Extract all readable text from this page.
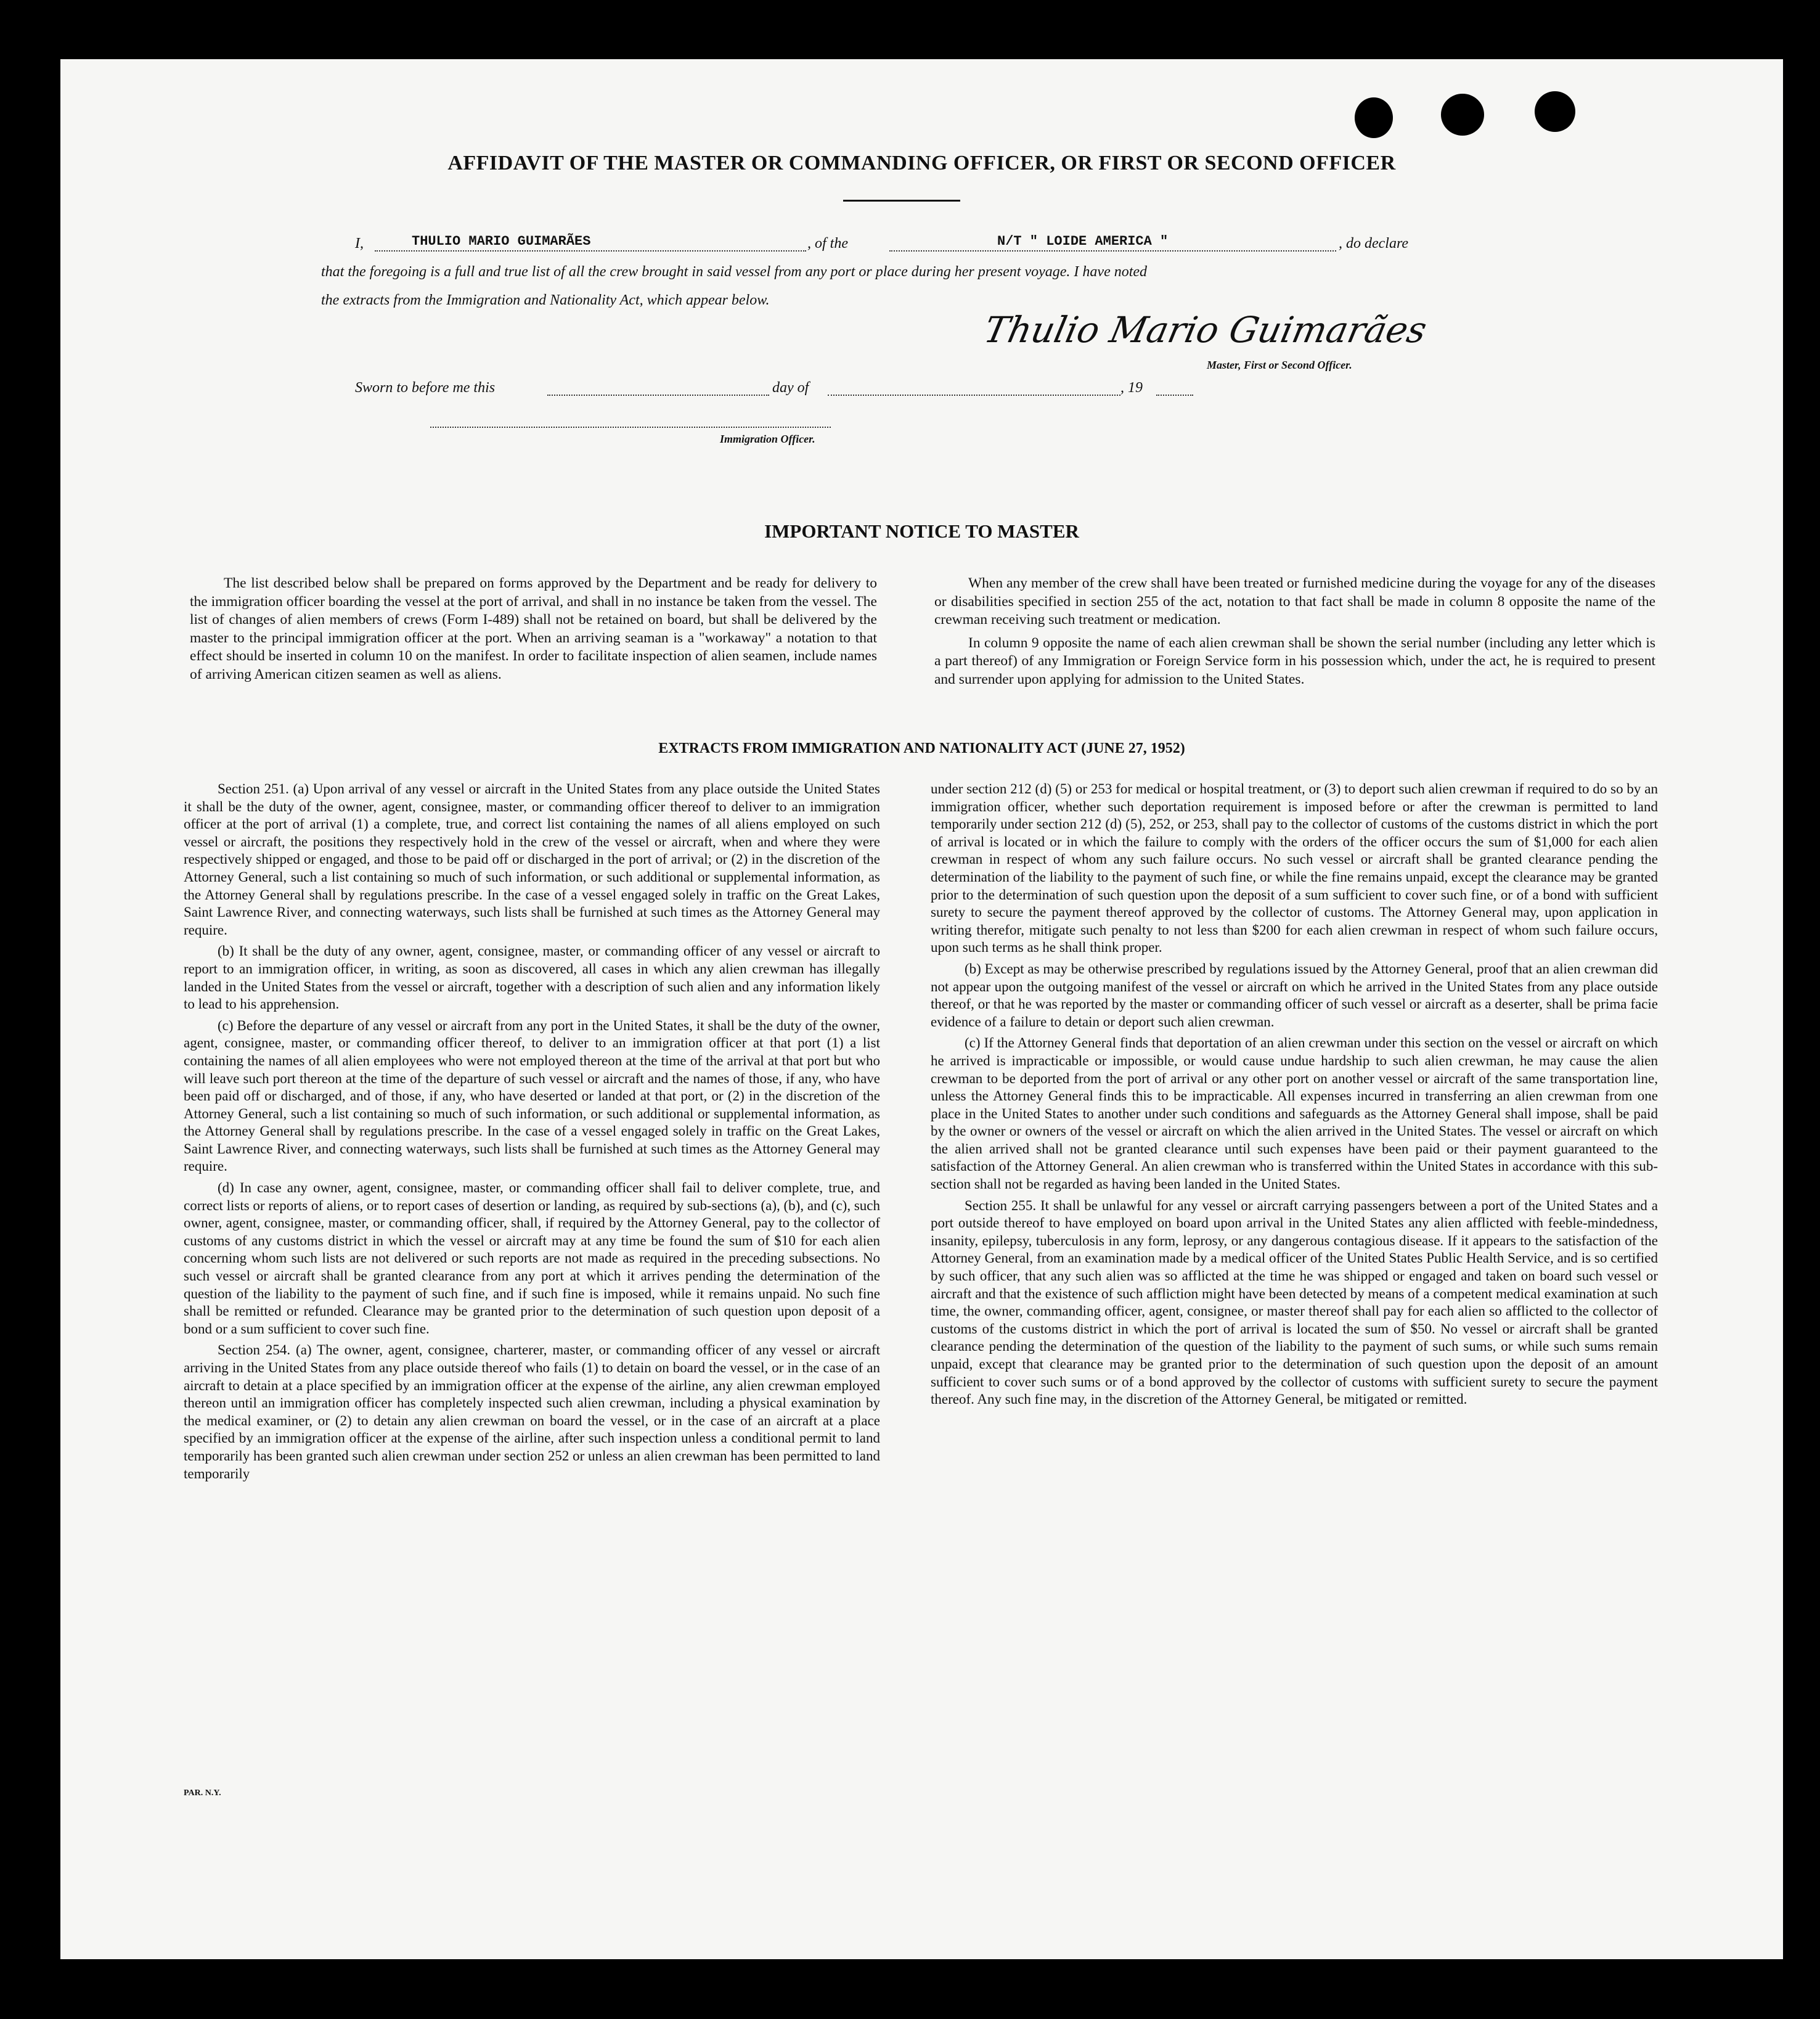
AFFIDAVIT OF THE MASTER OR COMMANDING OFFICER, OR FIRST OR SECOND OFFICER
I,	THULIO MARIO GUIMARÃES	, of the	N/T " LOIDE AMERICA "	, do declare
that the foregoing is a full and true list of all the crew brought in said vessel from any port or place during her present voyage. I have noted
the extracts from the Immigration and Nationality Act, which appear below.
Thulio Mario Guimarães
Master, First or Second Officer.
Sworn to before me this	day of	, 19
Immigration Officer.
IMPORTANT NOTICE TO MASTER

The list described below shall be prepared on forms approved by the Department and be ready for delivery to the immigration officer boarding the vessel at the port of arrival, and shall in no instance be taken from the vessel. The list of changes of alien members of crews (Form I-489) shall not be retained on board, but shall be delivered by the master to the principal immigration officer at the port. When an arriving seaman is a "workaway" a notation to that effect should be inserted in column 10 on the manifest. In order to facilitate inspection of alien seamen, include names of arriving American citizen seamen as well as aliens.

When any member of the crew shall have been treated or furnished medicine during the voyage for any of the diseases or disabilities specified in section 255 of the act, notation to that fact shall be made in column 8 opposite the name of the crewman receiving such treatment or medication.

In column 9 opposite the name of each alien crewman shall be shown the serial number (including any letter which is a part thereof) of any Immigration or Foreign Service form in his possession which, under the act, he is required to present and surrender upon applying for admission to the United States.

EXTRACTS FROM IMMIGRATION AND NATIONALITY ACT (JUNE 27, 1952)

Section 251. (a) Upon arrival of any vessel or aircraft in the United States from any place outside the United States it shall be the duty of the owner, agent, consignee, master, or commanding officer thereof to deliver to an immigration officer at the port of arrival (1) a complete, true, and correct list containing the names of all aliens employed on such vessel or aircraft, the positions they respectively hold in the crew of the vessel or aircraft, when and where they were respectively shipped or engaged, and those to be paid off or discharged in the port of arrival; or (2) in the discretion of the Attorney General, such a list containing so much of such information, or such additional or supplemental information, as the Attorney General shall by regulations prescribe. In the case of a vessel engaged solely in traffic on the Great Lakes, Saint Lawrence River, and connecting waterways, such lists shall be furnished at such times as the Attorney General may require.

(b) It shall be the duty of any owner, agent, consignee, master, or commanding officer of any vessel or aircraft to report to an immigration officer, in writing, as soon as discovered, all cases in which any alien crewman has illegally landed in the United States from the vessel or aircraft, together with a description of such alien and any information likely to lead to his apprehension.

(c) Before the departure of any vessel or aircraft from any port in the United States, it shall be the duty of the owner, agent, consignee, master, or commanding officer thereof, to deliver to an immigration officer at that port (1) a list containing the names of all alien employees who were not employed thereon at the time of the arrival at that port but who will leave such port thereon at the time of the departure of such vessel or aircraft and the names of those, if any, who have been paid off or discharged, and of those, if any, who have deserted or landed at that port, or (2) in the discretion of the Attorney General, such a list containing so much of such information, or such additional or supplemental information, as the Attorney General shall by regulations prescribe. In the case of a vessel engaged solely in traffic on the Great Lakes, Saint Lawrence River, and connecting waterways, such lists shall be furnished at such times as the Attorney General may require.

(d) In case any owner, agent, consignee, master, or commanding officer shall fail to deliver complete, true, and correct lists or reports of aliens, or to report cases of desertion or landing, as required by sub-sections (a), (b), and (c), such owner, agent, consignee, master, or commanding officer, shall, if required by the Attorney General, pay to the collector of customs of any customs district in which the vessel or aircraft may at any time be found the sum of $10 for each alien concerning whom such lists are not delivered or such reports are not made as required in the preceding subsections. No such vessel or aircraft shall be granted clearance from any port at which it arrives pending the determination of the question of the liability to the payment of such fine, and if such fine is imposed, while it remains unpaid. No such fine shall be remitted or refunded. Clearance may be granted prior to the determination of such question upon deposit of a bond or a sum sufficient to cover such fine.

Section 254. (a) The owner, agent, consignee, charterer, master, or commanding officer of any vessel or aircraft arriving in the United States from any place outside thereof who fails (1) to detain on board the vessel, or in the case of an aircraft to detain at a place specified by an immigration officer at the expense of the airline, any alien crewman employed thereon until an immigration officer has completely inspected such alien crewman, including a physical examination by the medical examiner, or (2) to detain any alien crewman on board the vessel, or in the case of an aircraft at a place specified by an immigration officer at the expense of the airline, after such inspection unless a conditional permit to land temporarily has been granted such alien crewman under section 252 or unless an alien crewman has been permitted to land temporarily

under section 212 (d) (5) or 253 for medical or hospital treatment, or (3) to deport such alien crewman if required to do so by an immigration officer, whether such deportation requirement is imposed before or after the crewman is permitted to land temporarily under section 212 (d) (5), 252, or 253, shall pay to the collector of customs of the customs district in which the port of arrival is located or in which the failure to comply with the orders of the officer occurs the sum of $1,000 for each alien crewman in respect of whom any such failure occurs. No such vessel or aircraft shall be granted clearance pending the determination of the liability to the payment of such fine, or while the fine remains unpaid, except the clearance may be granted prior to the determination of such question upon the deposit of a sum sufficient to cover such fine, or of a bond with sufficient surety to secure the payment thereof approved by the collector of customs. The Attorney General may, upon application in writing therefor, mitigate such penalty to not less than $200 for each alien crewman in respect of whom such failure occurs, upon such terms as he shall think proper.

(b) Except as may be otherwise prescribed by regulations issued by the Attorney General, proof that an alien crewman did not appear upon the outgoing manifest of the vessel or aircraft on which he arrived in the United States from any place outside thereof, or that he was reported by the master or commanding officer of such vessel or aircraft as a deserter, shall be prima facie evidence of a failure to detain or deport such alien crewman.

(c) If the Attorney General finds that deportation of an alien crewman under this section on the vessel or aircraft on which he arrived is impracticable or impossible, or would cause undue hardship to such alien crewman, he may cause the alien crewman to be deported from the port of arrival or any other port on another vessel or aircraft of the same transportation line, unless the Attorney General finds this to be impracticable. All expenses incurred in transferring an alien crewman from one place in the United States to another under such conditions and safeguards as the Attorney General shall impose, shall be paid by the owner or owners of the vessel or aircraft on which the alien arrived in the United States. The vessel or aircraft on which the alien arrived shall not be granted clearance until such expenses have been paid or their payment guaranteed to the satisfaction of the Attorney General. An alien crewman who is transferred within the United States in accordance with this sub-section shall not be regarded as having been landed in the United States.

Section 255. It shall be unlawful for any vessel or aircraft carrying passengers between a port of the United States and a port outside thereof to have employed on board upon arrival in the United States any alien afflicted with feeble-mindedness, insanity, epilepsy, tuberculosis in any form, leprosy, or any dangerous contagious disease. If it appears to the satisfaction of the Attorney General, from an examination made by a medical officer of the United States Public Health Service, and is so certified by such officer, that any such alien was so afflicted at the time he was shipped or engaged and taken on board such vessel or aircraft and that the existence of such affliction might have been detected by means of a competent medical examination at such time, the owner, commanding officer, agent, consignee, or master thereof shall pay for each alien so afflicted to the collector of customs of the customs district in which the port of arrival is located the sum of $50. No vessel or aircraft shall be granted clearance pending the determination of the question of the liability to the payment of such sums, or while such sums remain unpaid, except that clearance may be granted prior to the determination of such question upon the deposit of an amount sufficient to cover such sums or of a bond approved by the collector of customs with sufficient surety to secure the payment thereof. Any such fine may, in the discretion of the Attorney General, be mitigated or remitted.

PAR. N.Y.
